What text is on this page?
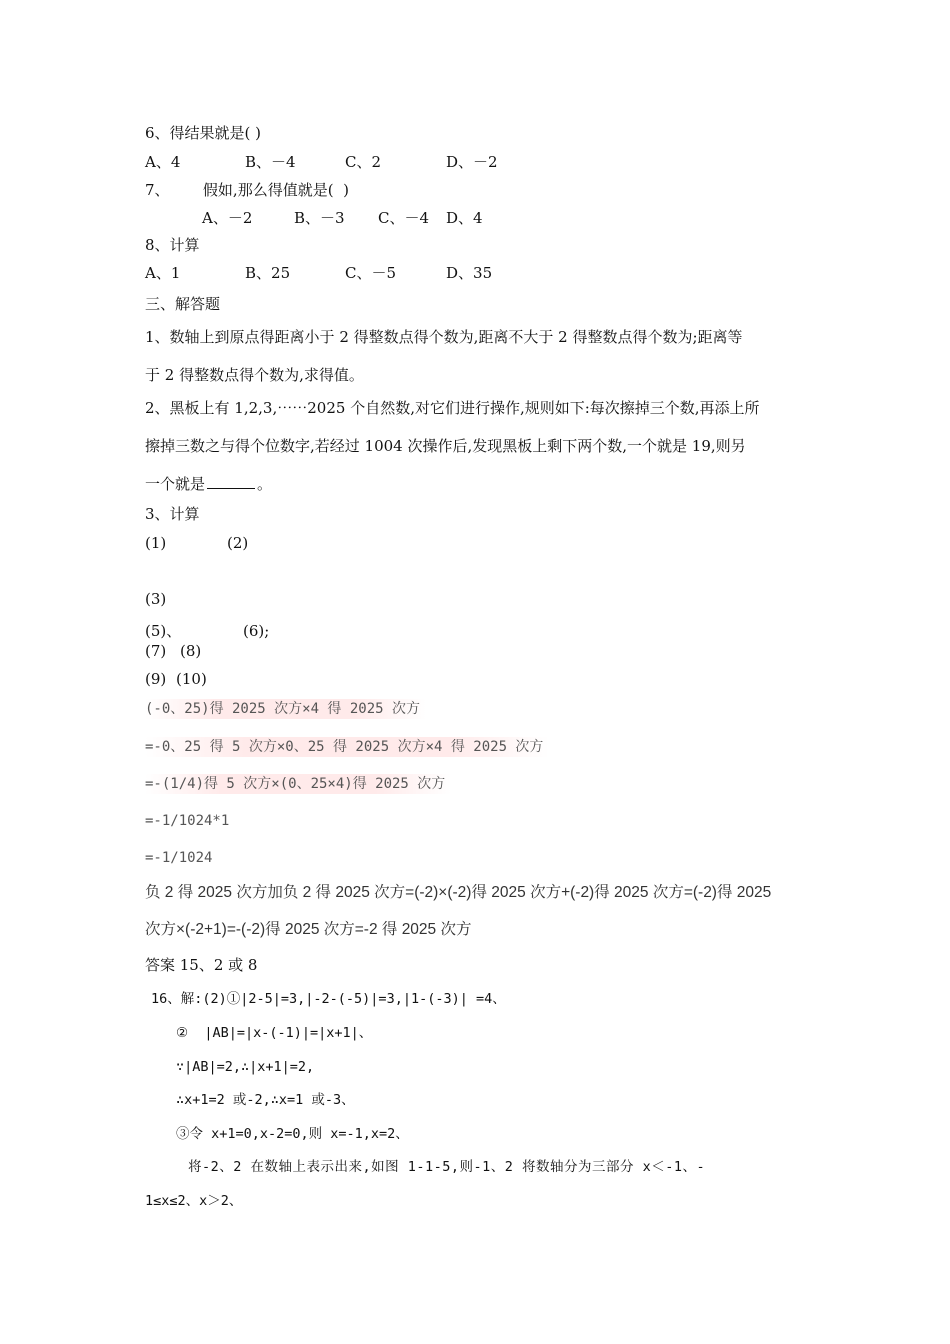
6、得结果就是( )
A、4	B、－4	C、2	D、－2
7、       假如,那么得值就是(  )
A、－2	B、－3 C、－4 D、4
8、计算
A、1	B、25	C、－5	D、35
三、解答题
1、数轴上到原点得距离小于 2 得整数点得个数为,距离不大于 2 得整数点得个数为;距离等
于 2 得整数点得个数为,求得值。
2、黑板上有 1,2,3,⋯⋯2025 个自然数,对它们进行操作,规则如下:每次擦掉三个数,再添上所
擦掉三数之与得个位数字,若经过 1004 次操作后,发现黑板上剩下两个数,一个就是 19,则另
一个就是	。
3、计算
(1)	(2)
(3)
(5)、	(6);
(7) (8)
(9) (10)
(-0、25)得 2025 次方×4 得 2025 次方
=-0、25 得 5 次方×0、25 得 2025 次方×4 得 2025 次方
=-(1/4)得 5 次方×(0、25×4)得 2025 次方
=-1/1024*1
=-1/1024
负 2 得 2025 次方加负 2 得 2025 次方=(-2)×(-2)得 2025 次方+(-2)得 2025 次方=(-2)得 2025
次方×(-2+1)=-(-2)得 2025 次方=-2 得 2025 次方
答案 15、2 或 8
16、解:(2)①|2-5|=3,|-2-(-5)|=3,|1-(-3)| =4、
②  |AB|=|x-(-1)|=|x+1|、
∵|AB|=2,∴|x+1|=2,
∴x+1=2 或-2,∴x=1 或-3、
③令 x+1=0,x-2=0,则 x=-1,x=2、
将-2、2 在数轴上表示出来,如图 1-1-5,则-1、2 将数轴分为三部分 x＜-1、-
1≤x≤2、x＞2、
